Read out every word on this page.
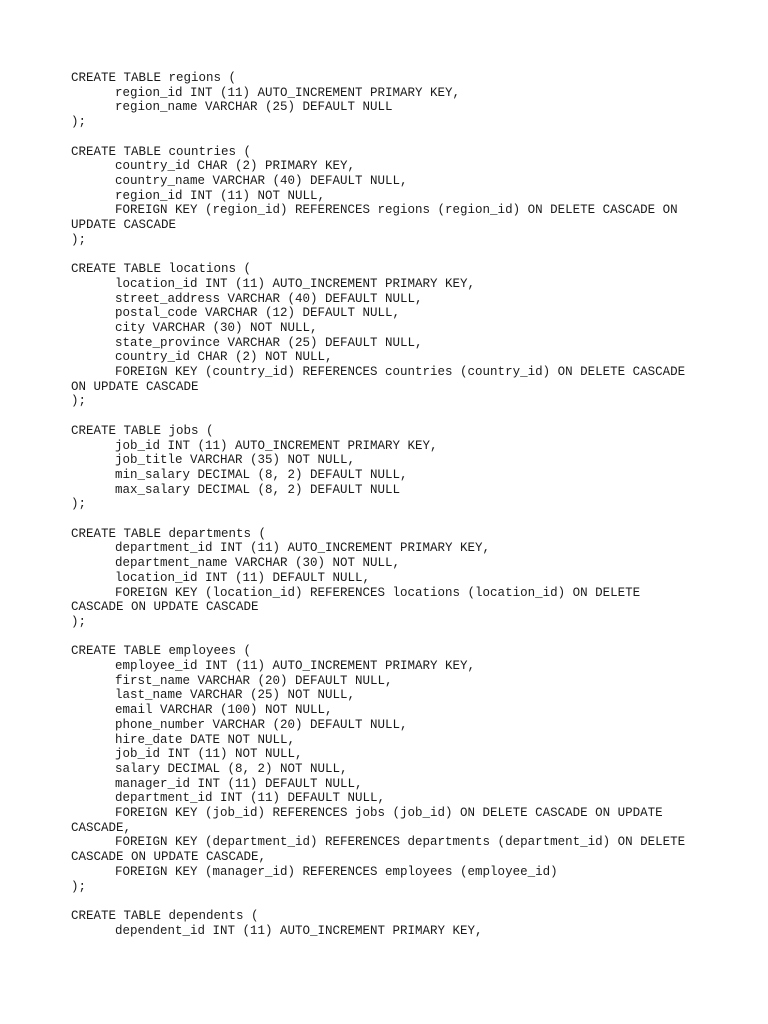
CREATE TABLE regions (
region_id INT (11) AUTO_INCREMENT PRIMARY KEY,
region_name VARCHAR (25) DEFAULT NULL
);
CREATE TABLE countries (
country_id CHAR (2) PRIMARY KEY,
country_name VARCHAR (40) DEFAULT NULL,
region_id INT (11) NOT NULL,
FOREIGN KEY (region_id) REFERENCES regions (region_id) ON DELETE CASCADE ON
UPDATE CASCADE
);
CREATE TABLE locations (
location_id INT (11) AUTO_INCREMENT PRIMARY KEY,
street_address VARCHAR (40) DEFAULT NULL,
postal_code VARCHAR (12) DEFAULT NULL,
city VARCHAR (30) NOT NULL,
state_province VARCHAR (25) DEFAULT NULL,
country_id CHAR (2) NOT NULL,
FOREIGN KEY (country_id) REFERENCES countries (country_id) ON DELETE CASCADE
ON UPDATE CASCADE
);
CREATE TABLE jobs (
job_id INT (11) AUTO_INCREMENT PRIMARY KEY,
job_title VARCHAR (35) NOT NULL,
min_salary DECIMAL (8, 2) DEFAULT NULL,
max_salary DECIMAL (8, 2) DEFAULT NULL
);
CREATE TABLE departments (
department_id INT (11) AUTO_INCREMENT PRIMARY KEY,
department_name VARCHAR (30) NOT NULL,
location_id INT (11) DEFAULT NULL,
FOREIGN KEY (location_id) REFERENCES locations (location_id) ON DELETE
CASCADE ON UPDATE CASCADE
);
CREATE TABLE employees (
employee_id INT (11) AUTO_INCREMENT PRIMARY KEY,
first_name VARCHAR (20) DEFAULT NULL,
last_name VARCHAR (25) NOT NULL,
email VARCHAR (100) NOT NULL,
phone_number VARCHAR (20) DEFAULT NULL,
hire_date DATE NOT NULL,
job_id INT (11) NOT NULL,
salary DECIMAL (8, 2) NOT NULL,
manager_id INT (11) DEFAULT NULL,
department_id INT (11) DEFAULT NULL,
FOREIGN KEY (job_id) REFERENCES jobs (job_id) ON DELETE CASCADE ON UPDATE
CASCADE,
FOREIGN KEY (department_id) REFERENCES departments (department_id) ON DELETE
CASCADE ON UPDATE CASCADE,
FOREIGN KEY (manager_id) REFERENCES employees (employee_id)
);
CREATE TABLE dependents (
dependent_id INT (11) AUTO_INCREMENT PRIMARY KEY,
